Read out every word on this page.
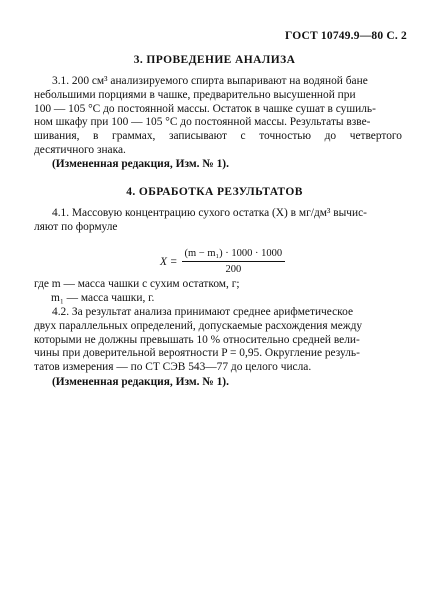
ГОСТ 10749.9—80 С. 2
3. ПРОВЕДЕНИЕ АНАЛИЗА
3.1. 200 см³ анализируемого спирта выпаривают на водяной бане
небольшими порциями в чашке, предварительно высушенной при
100 — 105 °С до постоянной массы. Остаток в чашке сушат в сушиль-
ном шкафу при 100 — 105 °С до постоянной массы. Результаты взве-
шивания, в граммах, записывают с точностью до четвертого
десятичного знака.
(Измененная редакция, Изм. № 1).
4. ОБРАБОТКА РЕЗУЛЬТАТОВ
4.1. Массовую концентрацию сухого остатка (X) в мг/дм³ вычис-
ляют по формуле
$X = \frac{\text{(m − m₁) · 1000 · 1000}}{200}$
где m — масса чашки с сухим остатком, г;
m₁ — масса чашки, г.
4.2. За результат анализа принимают среднее арифметическое
двух параллельных определений, допускаемые расхождения между
которыми не должны превышать 10 % относительно средней вели-
чины при доверительной вероятности P = 0,95. Округление резуль-
татов измерения — по СТ СЭВ 543—77 до целого числа.
(Измененная редакция, Изм. № 1).
